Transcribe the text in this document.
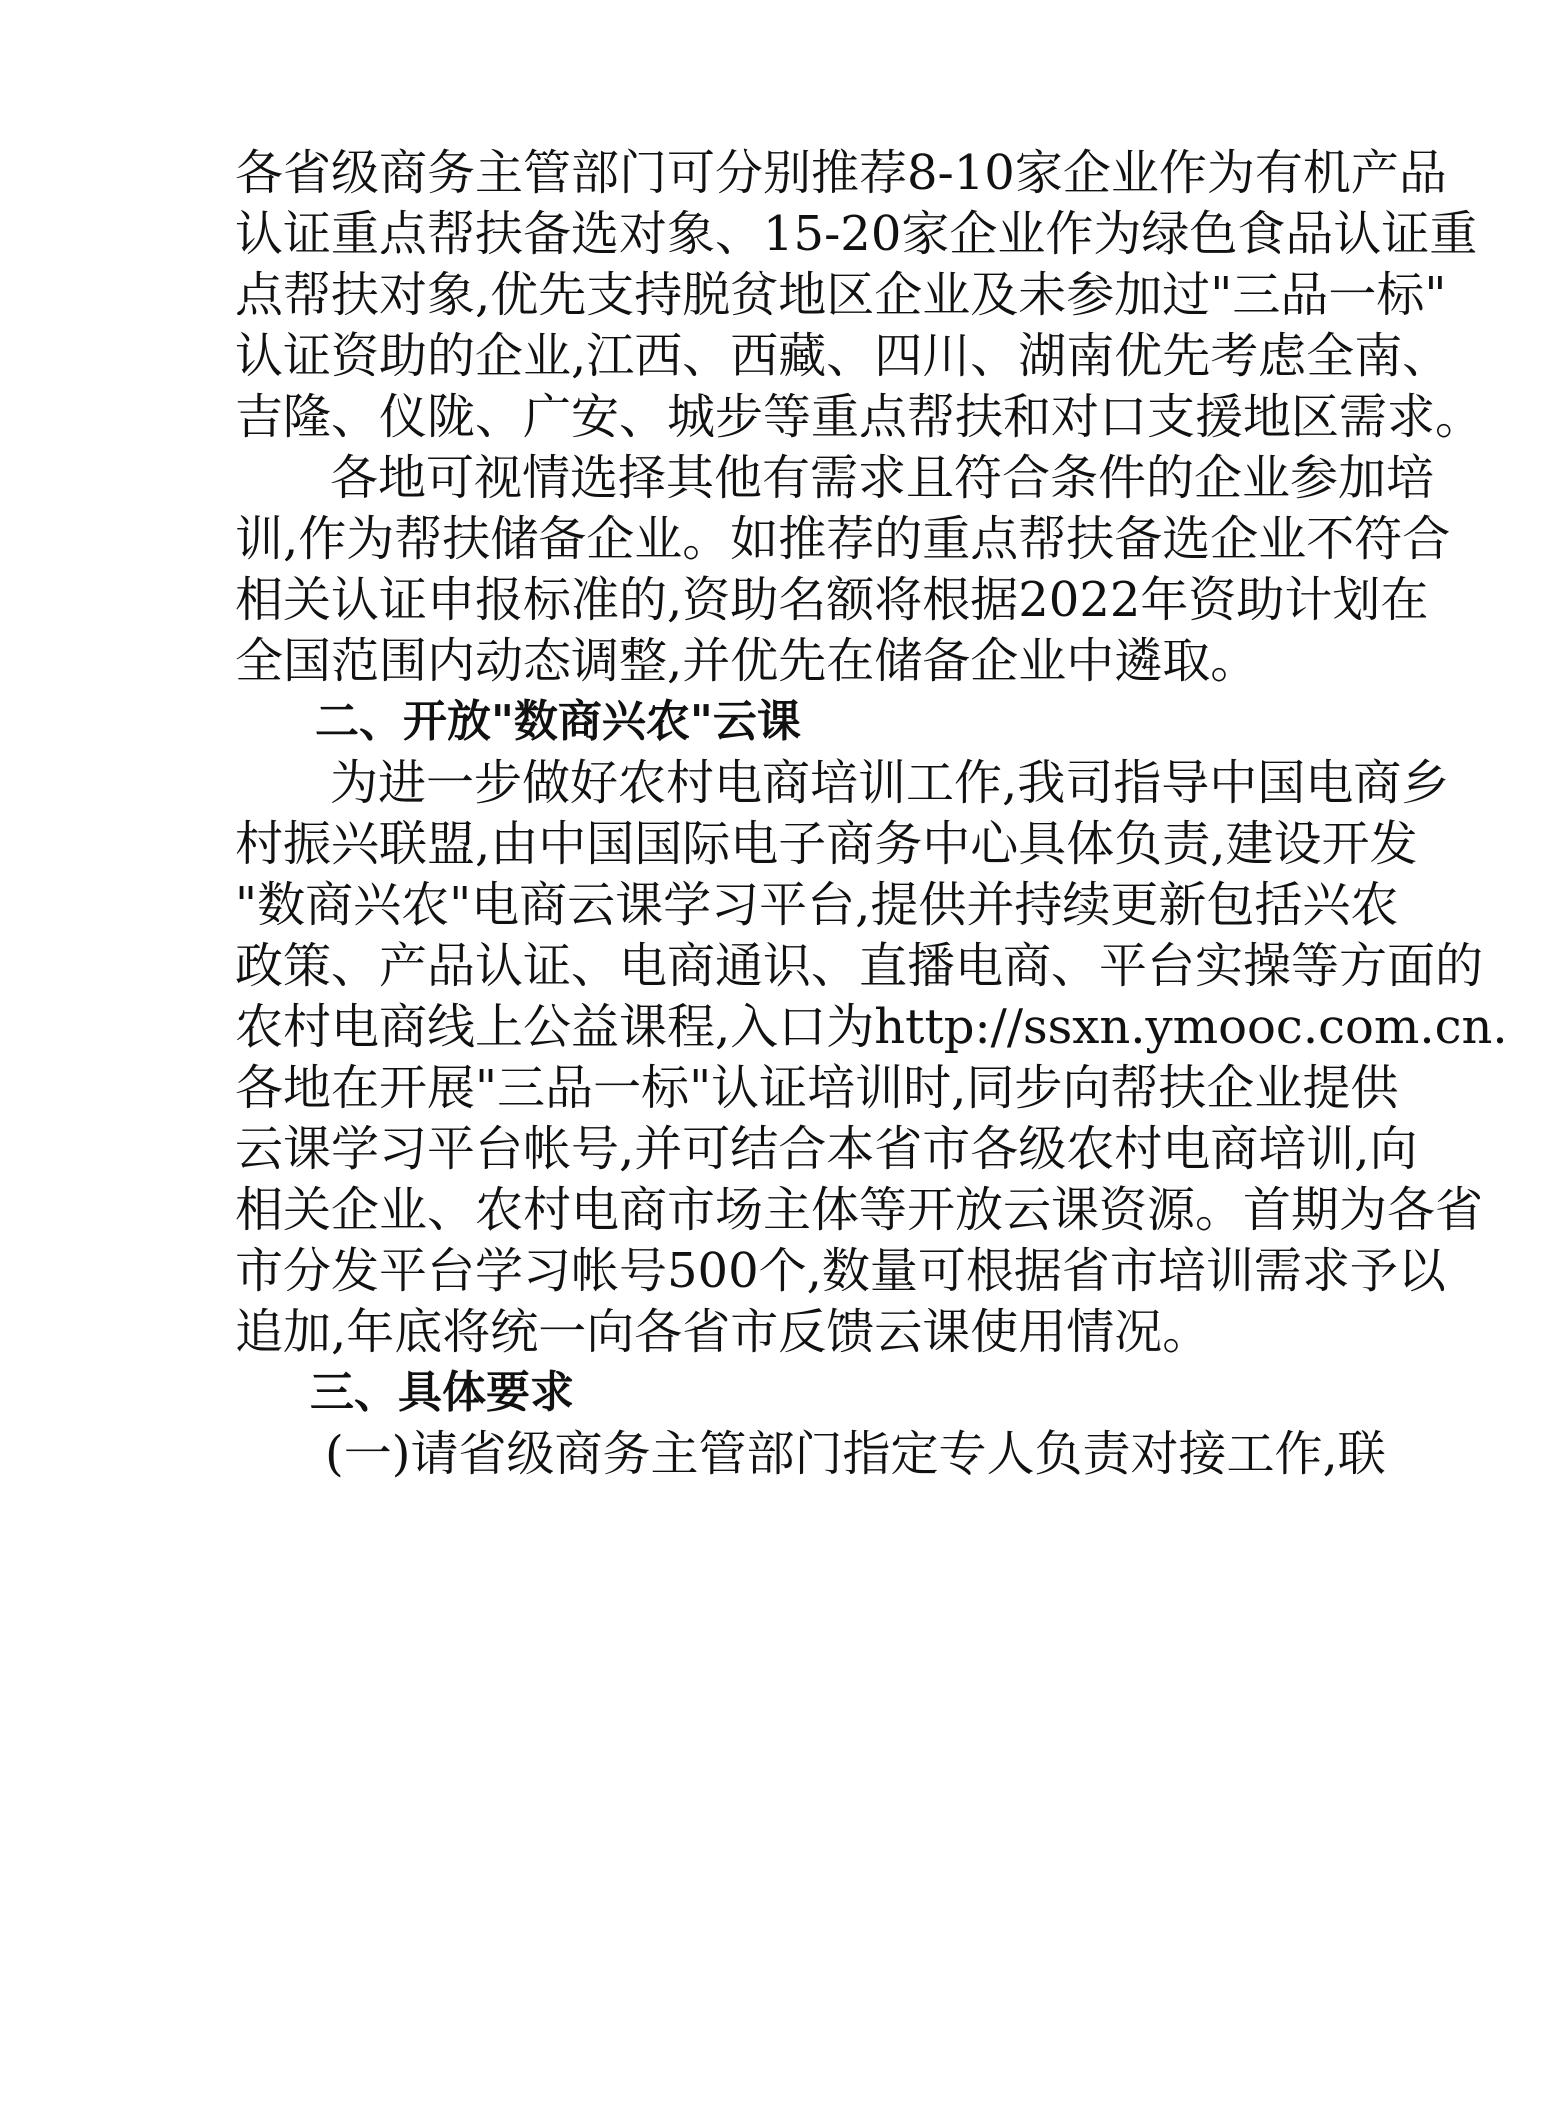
各省级商务主管部门可分别推荐8-10家企业作为有机产品
认证重点帮扶备选对象、15-20家企业作为绿色食品认证重
点帮扶对象,优先支持脱贫地区企业及未参加过"三品一标"
认证资助的企业,江西、西藏、四川、湖南优先考虑全南、
吉隆、仪陇、广安、城步等重点帮扶和对口支援地区需求。
各地可视情选择其他有需求且符合条件的企业参加培
训,作为帮扶储备企业。如推荐的重点帮扶备选企业不符合
相关认证申报标准的,资助名额将根据2022年资助计划在
全国范围内动态调整,并优先在储备企业中遴取。
二、开放"数商兴农"云课
为进一步做好农村电商培训工作,我司指导中国电商乡
村振兴联盟,由中国国际电子商务中心具体负责,建设开发
"数商兴农"电商云课学习平台,提供并持续更新包括兴农
政策、产品认证、电商通识、直播电商、平台实操等方面的
农村电商线上公益课程,入口为http://ssxn.ymooc.com.cn.
各地在开展"三品一标"认证培训时,同步向帮扶企业提供
云课学习平台帐号,并可结合本省市各级农村电商培训,向
相关企业、农村电商市场主体等开放云课资源。首期为各省
市分发平台学习帐号500个,数量可根据省市培训需求予以
追加,年底将统一向各省市反馈云课使用情况。
三、具体要求
(一)请省级商务主管部门指定专人负责对接工作,联
